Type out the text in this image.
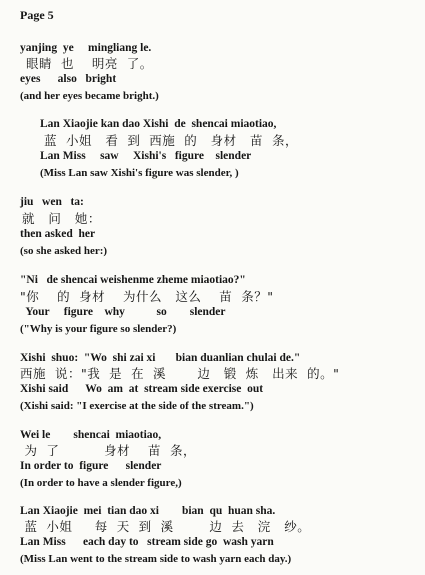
Page 5
yanjing  ye     mingliang le.
眼睛  也    明亮  了。
eyes      also   bright
(and her eyes became bright.)
Lan Xiaojie kan dao Xishi  de  shencai miaotiao,
蓝  小姐   看  到  西施  的   身材   苗  条，
Lan Miss     saw     Xishi's   figure    slender
(Miss Lan saw Xishi's figure was slender, )
jiu   wen   ta:
就   问   她：
then asked  her
(so she asked her:)
"Ni   de shencai weishenme zheme miaotiao?"
"你    的  身材    为什么   这么    苗  条？"
Your     figure    why           so        slender
("Why is your figure so slender?)
Xishi  shuo:  "Wo  shi zai xi       bian duanlian chulai de."
西施  说："我  是  在  溪       边   锻  炼   出来  的。"
Xishi said      Wo  am  at  stream side exercise  out
(Xishi said: "I exercise at the side of the stream.")
Wei le        shencai  miaotiao,
为  了          身材    苗  条，
In order to  figure      slender
(In order to have a slender figure,)
Lan Xiaojie  mei  tian dao xi        bian  qu  huan sha.
蓝  小姐     每  天  到  溪        边  去   浣   纱。
Lan Miss      each day to   stream side go  wash yarn
(Miss Lan went to the stream side to wash yarn each day.)
